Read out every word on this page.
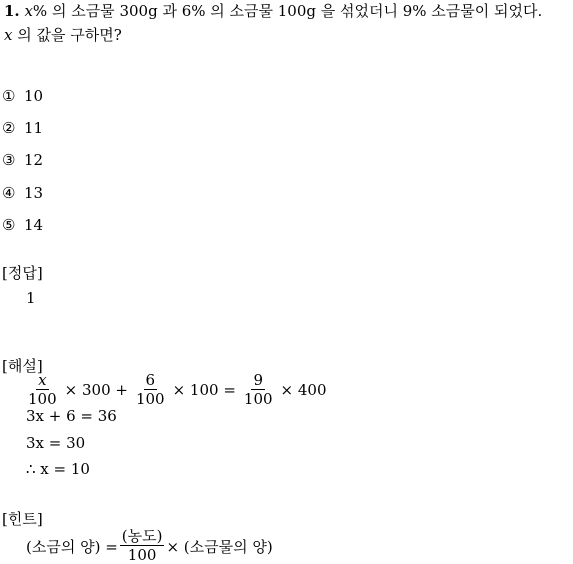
1. x% 의 소금물 300g 과 6% 의 소금물 100g 을 섞었더니 9% 소금물이 되었다.
x 의 값을 구하면?
① 10
② 11
③ 12
④ 13
⑤ 14
[정답]
1
[해설]
$\frac{x}{100} \times 300 + \frac{6}{100} \times 100 = \frac{9}{100} \times 400$
3x + 6 = 36
3x = 30
∴ x = 10
[힌트]
(소금의 양) = $\frac{\text{(농도)}}{100}$ × (소금물의 양)
